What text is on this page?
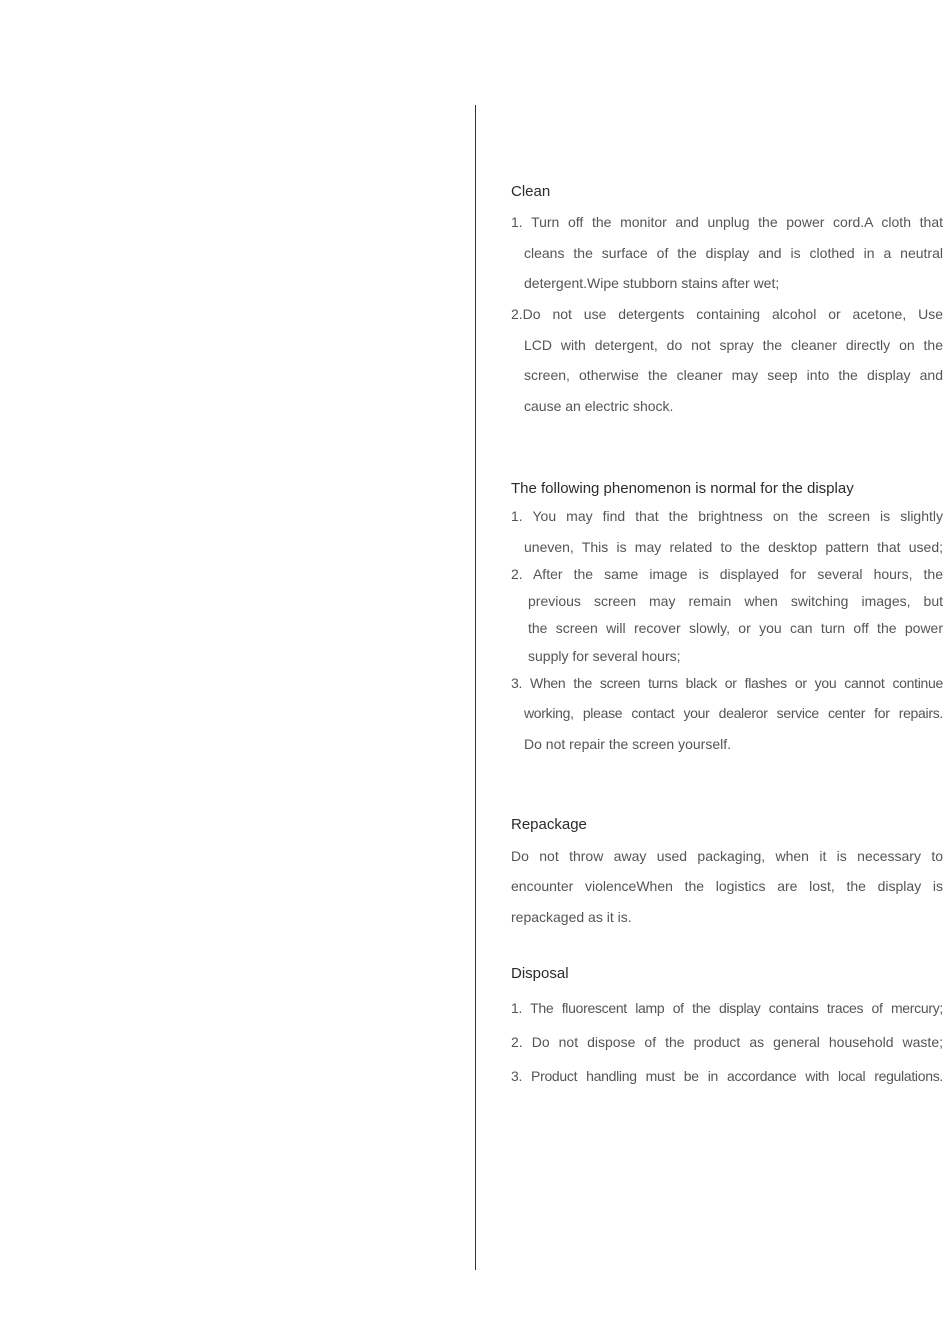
Clean
1. Turn off the monitor and unplug the power cord.A cloth that
cleans the surface of the display and is clothed in a neutral
detergent.Wipe stubborn stains after wet;
2.Do not use detergents containing alcohol or acetone, Use
LCD with detergent, do not spray the cleaner directly on the
screen, otherwise the cleaner may seep into the display and
cause an electric shock.
The following phenomenon is normal for the display
1. You may find that the brightness on the screen is slightly
uneven, This is may related to the desktop pattern that used;
2. After the same image is displayed for several hours, the
previous screen may remain when switching images, but
the screen will recover slowly, or you can turn off the power
supply for several hours;
3. When the screen turns black or flashes or you cannot continue
working, please contact your dealeror service center for repairs.
Do not repair the screen yourself.
Repackage
Do not throw away used packaging, when it is necessary to
encounter violenceWhen the logistics are lost, the display is
repackaged as it is.
Disposal
1. The fluorescent lamp of the display contains traces of mercury;
2. Do not dispose of the product as general household waste;
3. Product handling must be in accordance with local regulations.
